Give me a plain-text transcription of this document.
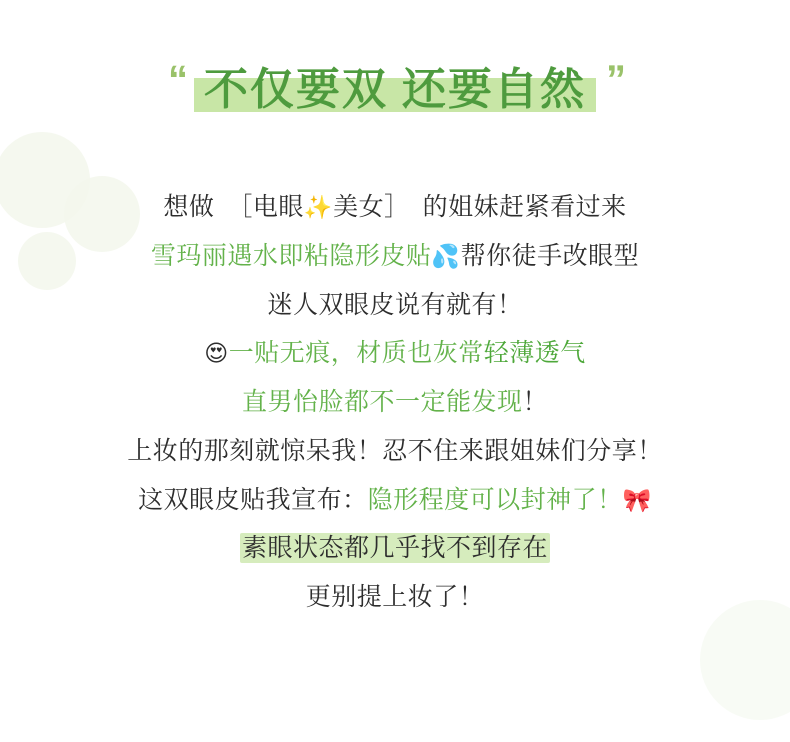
“ 不仅要双 还要自然 ”
想做　［电眼✨美女］　的姐妹赶紧看过来
雪玛丽遇水即粘隐形皮贴💦帮你徒手改眼型
迷人双眼皮说有就有！
😍一贴无痕，材质也灰常轻薄透气
直男怡脸都不一定能发现！
上妆的那刻就惊呆我！忍不住来跟姐妹们分享！
这双眼皮贴我宣布：隐形程度可以封神了！🎀
素眼状态都几乎找不到存在
更别提上妆了！
